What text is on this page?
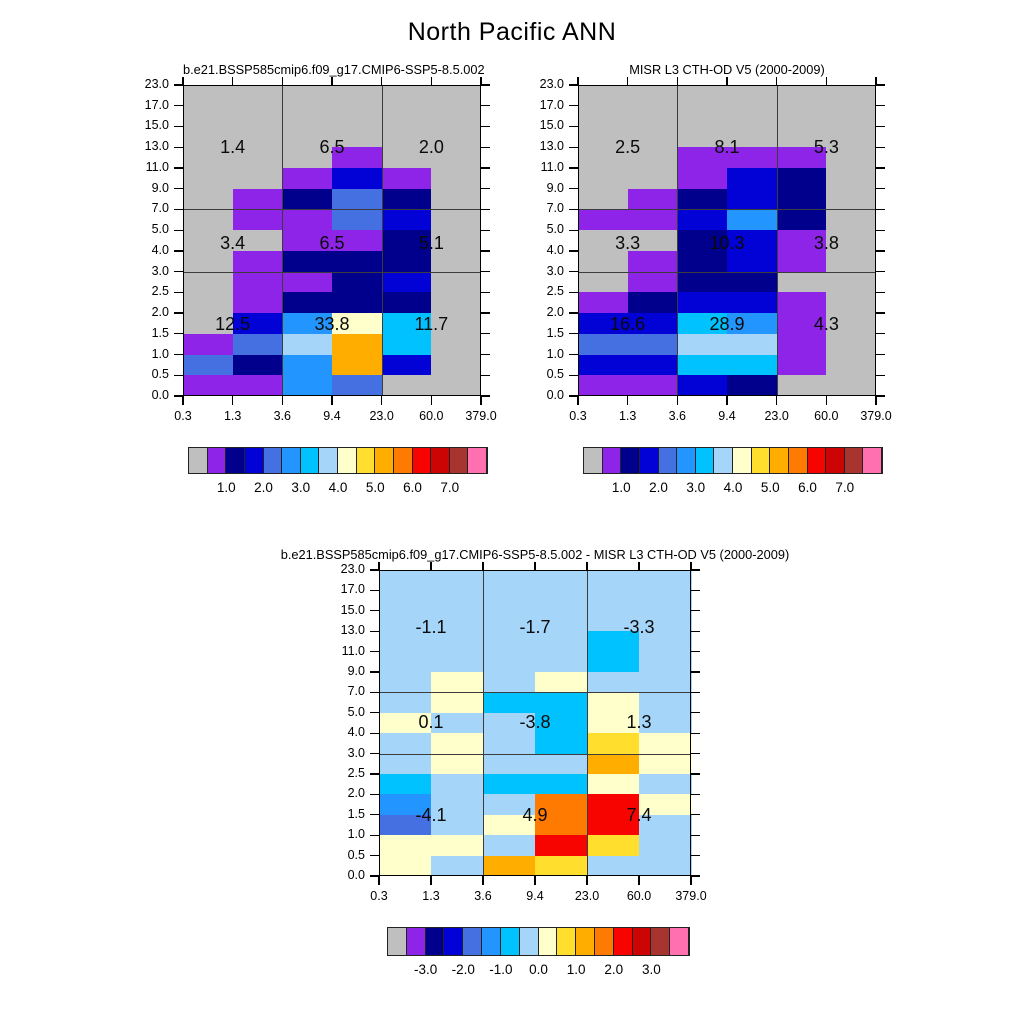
North Pacific ANN
b.e21.BSSP585cmip6.f09_g17.CMIP6-SSP5-8.5.002	MISR L3 CTH-OD V5 (2000-2009)
b.e21.BSSP585cmip6.f09_g17.CMIP6-SSP5-8.5.002 - MISR L3 CTH-OD V5 (2000-2009)
23.0
17.0
15.0
13.0
11.0
9.0
7.0
5.0
4.0
3.0
2.5
2.0
1.5
1.0
0.5
0.0
0.3	1.3	3.6	9.4	23.0	60.0	379.0
1.4	6.5	2.0
3.4	6.5	5.1
12.5	33.8	11.7
23.0
17.0
15.0
13.0
11.0
9.0
7.0
5.0
4.0
3.0
2.5
2.0
1.5
1.0
0.5
0.0
0.3	1.3	3.6	9.4	23.0	60.0	379.0
2.5	8.1	5.3
3.3	10.3	3.8
16.6	28.9	4.3
23.0
17.0
15.0
13.0
11.0
9.0
7.0
5.0
4.0
3.0
2.5
2.0
1.5
1.0
0.5
0.0
0.3	1.3	3.6	9.4	23.0	60.0	379.0
-1.1	-1.7	-3.3
0.1	-3.8	1.3
-4.1	4.9	7.4
1.0	2.0	3.0	4.0	5.0	6.0	7.0	1.0	2.0	3.0	4.0	5.0	6.0	7.0
-3.0	-2.0	-1.0	0.0	1.0	2.0	3.0
